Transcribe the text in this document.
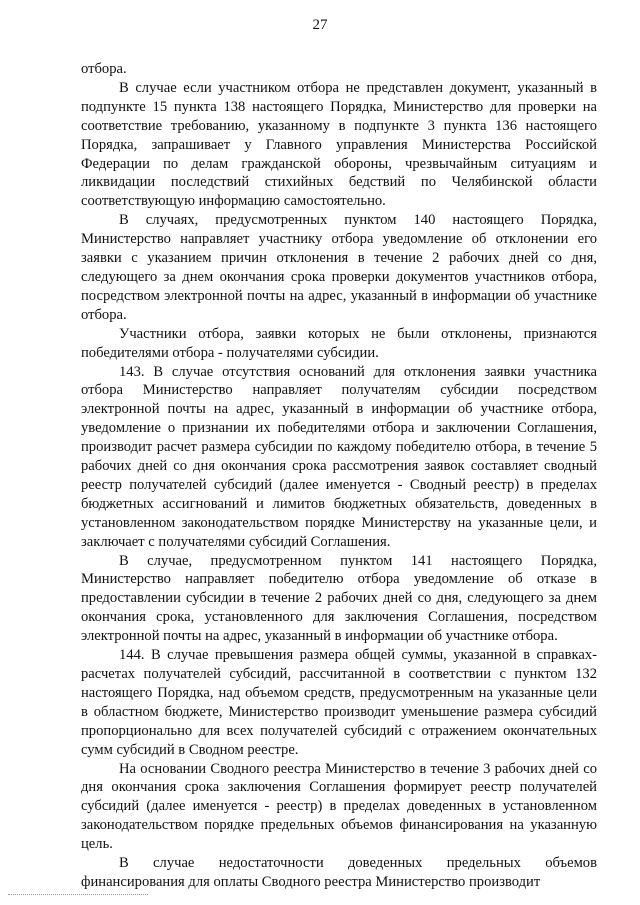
27

отбора.

В случае если участником отбора не представлен документ, указанный в подпункте 15 пункта 138 настоящего Порядка, Министерство для проверки на соответствие требованию, указанному в подпункте 3 пункта 136 настоящего Порядка, запрашивает у Главного управления Министерства Российской Федерации по делам гражданской обороны, чрезвычайным ситуациям и ликвидации последствий стихийных бедствий по Челябинской области соответствующую информацию самостоятельно.

В случаях, предусмотренных пунктом 140 настоящего Порядка, Министерство направляет участнику отбора уведомление об отклонении его заявки с указанием причин отклонения в течение 2 рабочих дней со дня, следующего за днем окончания срока проверки документов участников отбора, посредством электронной почты на адрес, указанный в информации об участнике отбора.

Участники отбора, заявки которых не были отклонены, признаются победителями отбора - получателями субсидии.

143. В случае отсутствия оснований для отклонения заявки участника отбора Министерство направляет получателям субсидии посредством электронной почты на адрес, указанный в информации об участнике отбора, уведомление о признании их победителями отбора и заключении Соглашения, производит расчет размера субсидии по каждому победителю отбора, в течение 5 рабочих дней со дня окончания срока рассмотрения заявок составляет сводный реестр получателей субсидий (далее именуется - Сводный реестр) в пределах бюджетных ассигнований и лимитов бюджетных обязательств, доведенных в установленном законодательством порядке Министерству на указанные цели, и заключает с получателями субсидий Соглашения.

В случае, предусмотренном пунктом 141 настоящего Порядка, Министерство направляет победителю отбора уведомление об отказе в предоставлении субсидии в течение 2 рабочих дней со дня, следующего за днем окончания срока, установленного для заключения Соглашения, посредством электронной почты на адрес, указанный в информации об участнике отбора.

144. В случае превышения размера общей суммы, указанной в справках-расчетах получателей субсидий, рассчитанной в соответствии с пунктом 132 настоящего Порядка, над объемом средств, предусмотренным на указанные цели в областном бюджете, Министерство производит уменьшение размера субсидий пропорционально для всех получателей субсидий с отражением окончательных сумм субсидий в Сводном реестре.

На основании Сводного реестра Министерство в течение 3 рабочих дней со дня окончания срока заключения Соглашения формирует реестр получателей субсидий (далее именуется - реестр) в пределах доведенных в установленном законодательством порядке предельных объемов финансирования на указанную цель.

В случае недостаточности доведенных предельных объемов финансирования для оплаты Сводного реестра Министерство производит
